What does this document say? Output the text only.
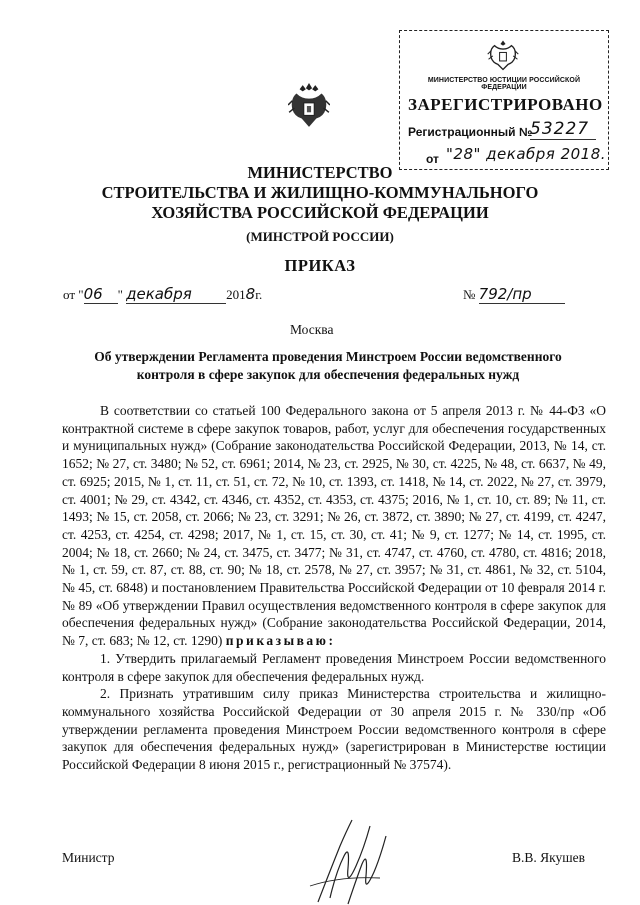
МИНИСТЕРСТВО ЮСТИЦИИ РОССИЙСКОЙ ФЕДЕРАЦИИ
ЗАРЕГИСТРИРОВАНО
Регистрационный №
53227
от "28" декабря 2018.
МИНИСТЕРСТВО
СТРОИТЕЛЬСТВА И ЖИЛИЩНО-КОММУНАЛЬНОГО
ХОЗЯЙСТВА РОССИЙСКОЙ ФЕДЕРАЦИИ
(МИНСТРОЙ РОССИИ)
ПРИКАЗ
от "06 " декабря	2018г.	№ 792/пр
Москва
Об утверждении Регламента проведения Минстроем России ведомственного
контроля в сфере закупок для обеспечения федеральных нужд

В соответствии со статьей 100 Федерального закона от 5 апреля 2013 г. № 44-ФЗ «О контрактной системе в сфере закупок товаров, работ, услуг для обеспечения государственных и муниципальных нужд» (Собрание законодательства Российской Федерации, 2013, № 14, ст. 1652; № 27, ст. 3480; № 52, ст. 6961; 2014, № 23, ст. 2925, № 30, ст. 4225, № 48, ст. 6637, № 49, ст. 6925; 2015, № 1, ст. 11, ст. 51, ст. 72, № 10, ст. 1393, ст. 1418, № 14, ст. 2022, № 27, ст. 3979, ст. 4001; № 29, ст. 4342, ст. 4346, ст. 4352, ст. 4353, ст. 4375; 2016, № 1, ст. 10, ст. 89; № 11, ст. 1493; № 15, ст. 2058, ст. 2066; № 23, ст. 3291; № 26, ст. 3872, ст. 3890; № 27, ст. 4199, ст. 4247, ст. 4253, ст. 4254, ст. 4298; 2017, № 1, ст. 15, ст. 30, ст. 41; № 9, ст. 1277; № 14, ст. 1995, ст. 2004; № 18, ст. 2660; № 24, ст. 3475, ст. 3477; № 31, ст. 4747, ст. 4760, ст. 4780, ст. 4816; 2018, № 1, ст. 59, ст. 87, ст. 88, ст. 90; № 18, ст. 2578, № 27, ст. 3957; № 31, ст. 4861, № 32, ст. 5104, № 45, ст. 6848) и постановлением Правительства Российской Федерации от 10 февраля 2014 г. № 89 «Об утверждении Правил осуществления ведомственного контроля в сфере закупок для обеспечения федеральных нужд» (Собрание законодательства Российской Федерации, 2014, № 7, ст. 683; № 12, ст. 1290) приказываю:

1. Утвердить прилагаемый Регламент проведения Минстроем России ведомственного контроля в сфере закупок для обеспечения федеральных нужд.

2. Признать утратившим силу приказ Министерства строительства и жилищно-коммунального хозяйства Российской Федерации от 30 апреля 2015 г. № 330/пр «Об утверждении регламента проведения Минстроем России ведомственного контроля в сфере закупок для обеспечения федеральных нужд» (зарегистрирован в Министерстве юстиции Российской Федерации 8 июня 2015 г., регистрационный № 37574).

Министр	В.В. Якушев
